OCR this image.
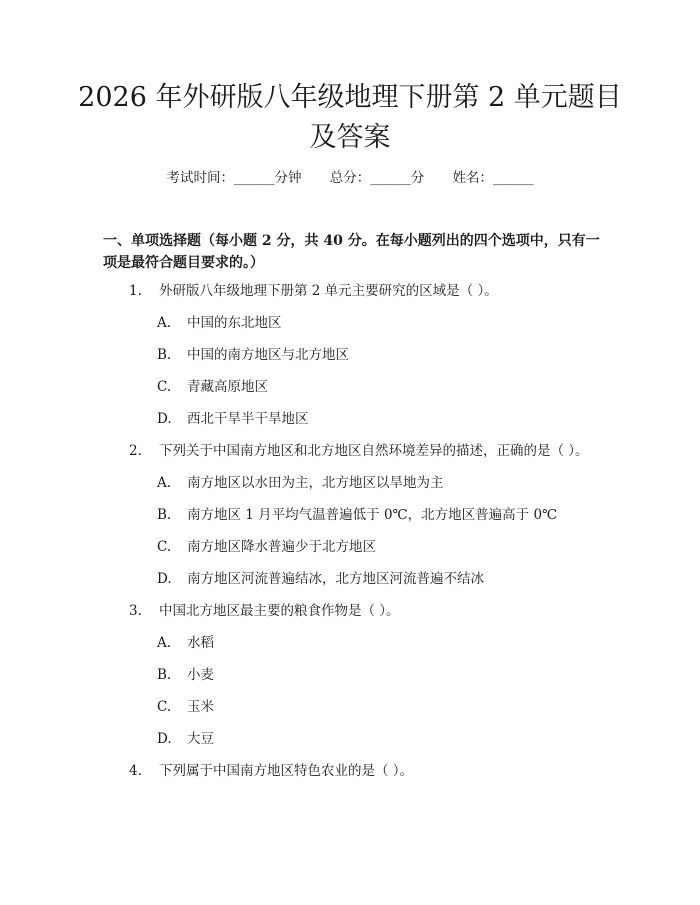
2026 年外研版八年级地理下册第 2 单元题目及答案
考试时间：______分钟 总分：______分 姓名：______

一、单项选择题（每小题 2 分，共 40 分。在每小题列出的四个选项中，只有一项是最符合题目要求的。）

1. 外研版八年级地理下册第 2 单元主要研究的区域是（ ）。

A. 中国的东北地区

B. 中国的南方地区与北方地区

C. 青藏高原地区

D. 西北干旱半干旱地区

2. 下列关于中国南方地区和北方地区自然环境差异的描述，正确的是（ ）。

A. 南方地区以水田为主，北方地区以旱地为主

B. 南方地区 1 月平均气温普遍低于 0℃，北方地区普遍高于 0℃

C. 南方地区降水普遍少于北方地区

D. 南方地区河流普遍结冰，北方地区河流普遍不结冰

3. 中国北方地区最主要的粮食作物是（ ）。

A. 水稻

B. 小麦

C. 玉米

D. 大豆

4. 下列属于中国南方地区特色农业的是（ ）。
